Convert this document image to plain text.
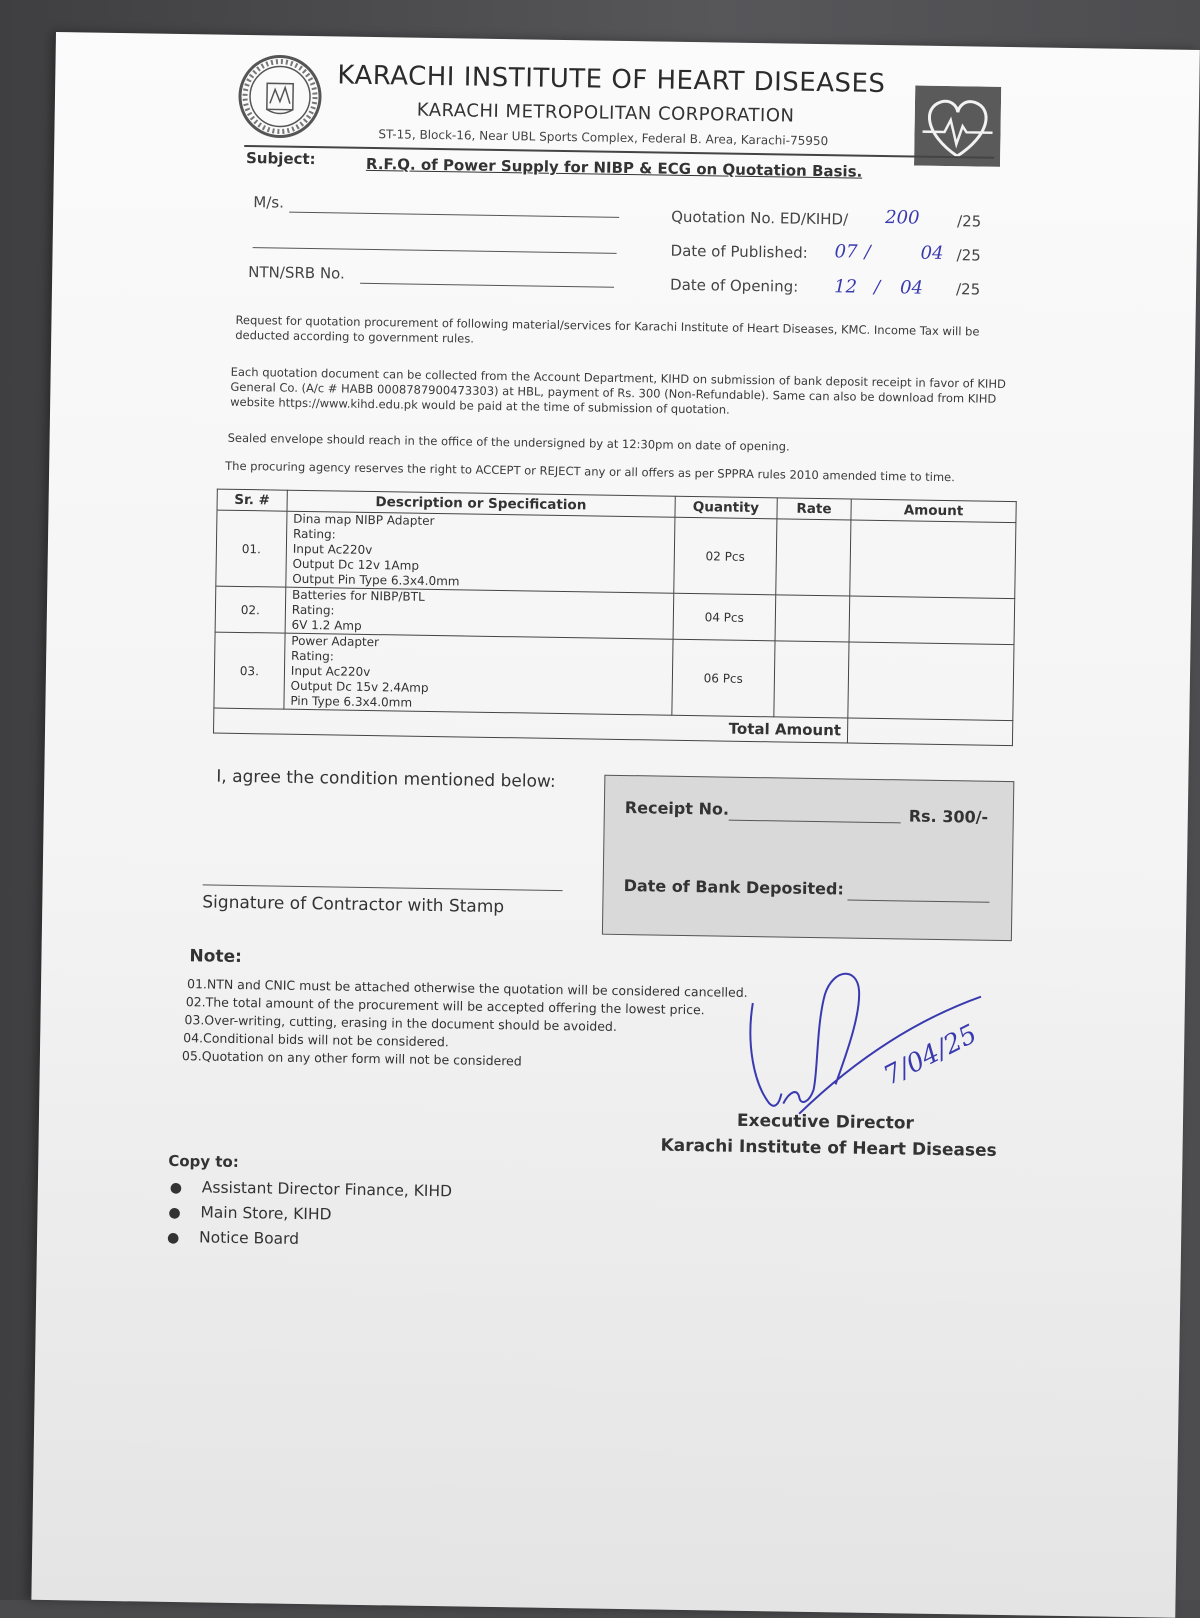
KARACHI INSTITUTE OF HEART DISEASES
KARACHI METROPOLITAN CORPORATION
ST-15, Block-16, Near UBL Sports Complex, Federal B. Area, Karachi-75950
Subject:	R.F.Q. of Power Supply for NIBP & ECG on Quotation Basis.
M/s.
NTN/SRB No.
Quotation No. ED/KIHD/ 200 /25
Date of Published: 07 /	04 /25
Date of Opening: 12 / 04 /25
Request for quotation procurement of following material/services for Karachi Institute of Heart Diseases, KMC. Income Tax will be deducted according to government rules.
Each quotation document can be collected from the Account Department, KIHD on submission of bank deposit receipt in favor of KIHD General Co. (A/c # HABB 0008787900473303) at HBL, payment of Rs. 300 (Non-Refundable). Same can also be download from KIHD website https://www.kihd.edu.pk would be paid at the time of submission of quotation.
Sealed envelope should reach in the office of the undersigned by at 12:30pm on date of opening.
The procuring agency reserves the right to ACCEPT or REJECT any or all offers as per SPPRA rules 2010 amended time to time.
Sr. #	Description or Specification	Quantity	Rate	Amount
01.	Dina map NIBP Adapter
Rating:
Input Ac220v
Output Dc 12v 1Amp
Output Pin Type 6.3x4.0mm	02 Pcs		
02.	Batteries for NIBP/BTL
Rating:
6V 1.2 Amp	04 Pcs		
03.	Power Adapter
Rating:
Input Ac220v
Output Dc 15v 2.4Amp
Pin Type 6.3x4.0mm	06 Pcs		
Total Amount				
I, agree the condition mentioned below:
Signature of Contractor with Stamp
Receipt No.	Rs. 300/-
Date of Bank Deposited:
Note:
01.NTN and CNIC must be attached otherwise the quotation will be considered cancelled.
02.The total amount of the procurement will be accepted offering the lowest price.
03.Over-writing, cutting, erasing in the document should be avoided.
04.Conditional bids will not be considered.
05.Quotation on any other form will not be considered	7/04/25
Executive Director
Karachi Institute of Heart Diseases
Copy to:
● Assistant Director Finance, KIHD
● Main Store, KIHD
● Notice Board
